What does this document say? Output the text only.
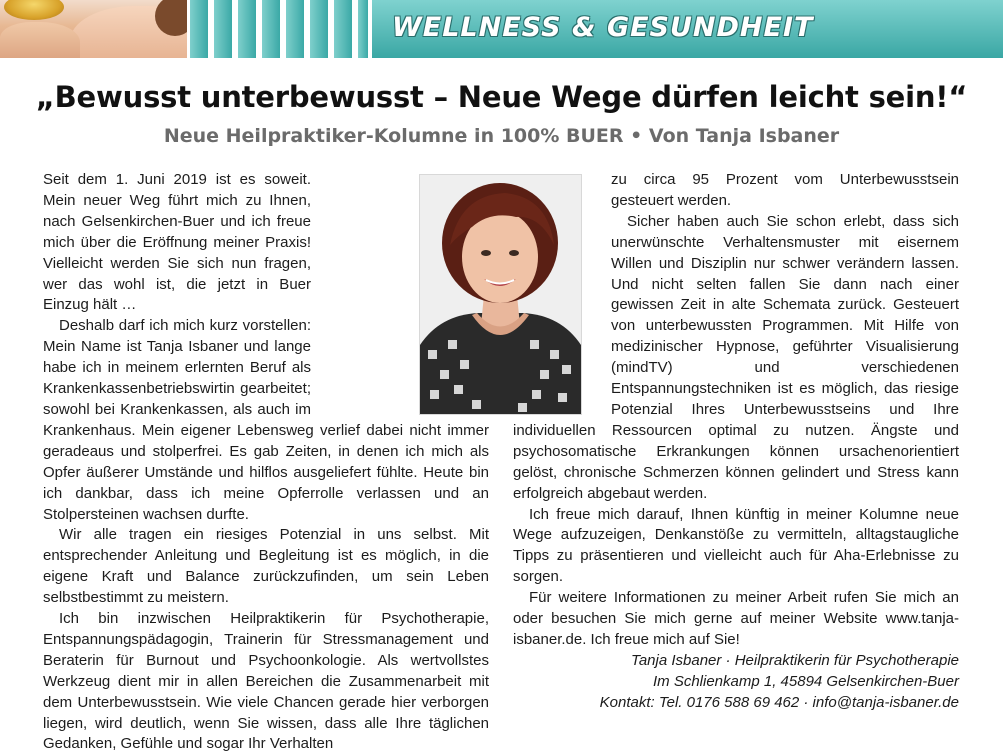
WELLNESS & GESUNDHEIT
„Bewusst unterbewusst – Neue Wege dürfen leicht sein!“
Neue Heilpraktiker-Kolumne in 100% BUER • Von Tanja Isbaner

Seit dem 1. Juni 2019 ist es soweit. Mein neuer Weg führt mich zu Ihnen, nach Gelsenkirchen-Buer und ich freue mich über die Eröffnung meiner Praxis! Vielleicht werden Sie sich nun fragen, wer das wohl ist, die jetzt in Buer Einzug hält …

Deshalb darf ich mich kurz vorstellen: Mein Name ist Tanja Isbaner und lange habe ich in meinem erlernten Beruf als Krankenkassenbetriebswirtin gearbeitet; sowohl bei Krankenkassen, als auch im Krankenhaus. Mein eigener Lebensweg verlief dabei nicht immer geradeaus und stolperfrei. Es gab Zeiten, in denen ich mich als Opfer äußerer Umstände und hilflos ausgeliefert fühlte. Heute bin ich dankbar, dass ich meine Opferrolle verlassen und an Stolpersteinen wachsen durfte.

Wir alle tragen ein riesiges Potenzial in uns selbst. Mit entsprechender Anleitung und Begleitung ist es möglich, in die eigene Kraft und Balance zurückzufinden, um sein Leben selbstbestimmt zu meistern.

Ich bin inzwischen Heilpraktikerin für Psychotherapie, Entspannungspädagogin, Trainerin für Stressmanagement und Beraterin für Burnout und Psychoonkologie. Als wertvollstes Werkzeug dient mir in allen Bereichen die Zusammenarbeit mit dem Unterbewusstsein. Wie viele Chancen gerade hier verborgen liegen, wird deutlich, wenn Sie wissen, dass alle Ihre täglichen Gedanken, Gefühle und sogar Ihr Verhalten

zu circa 95 Prozent vom Unterbewusstsein gesteuert werden.

Sicher haben auch Sie schon erlebt, dass sich unerwünschte Verhaltensmuster mit eisernem Willen und Disziplin nur schwer verändern lassen. Und nicht selten fallen Sie dann nach einer gewissen Zeit in alte Schemata zurück. Gesteuert von unterbewussten Programmen. Mit Hilfe von medizinischer Hypnose, geführter Visualisierung (mindTV) und verschiedenen Entspannungstechniken ist es möglich, das riesige Potenzial Ihres Unterbewusstseins und Ihre individuellen Ressourcen optimal zu nutzen. Ängste und psychosomatische Erkrankungen können ursachenorientiert gelöst, chronische Schmerzen können gelindert und Stress kann erfolgreich abgebaut werden.

Ich freue mich darauf, Ihnen künftig in meiner Kolumne neue Wege aufzuzeigen, Denkanstöße zu vermitteln, alltagstaugliche Tipps zu präsentieren und vielleicht auch für Aha-Erlebnisse zu sorgen.

Für weitere Informationen zu meiner Arbeit rufen Sie mich an oder besuchen Sie mich gerne auf meiner Website www.tanja-isbaner.de. Ich freue mich auf Sie!

Tanja Isbaner · Heilpraktikerin für Psychotherapie

Im Schlienkamp 1, 45894 Gelsenkirchen-Buer

Kontakt: Tel. 0176 588 69 462 · info@tanja-isbaner.de
